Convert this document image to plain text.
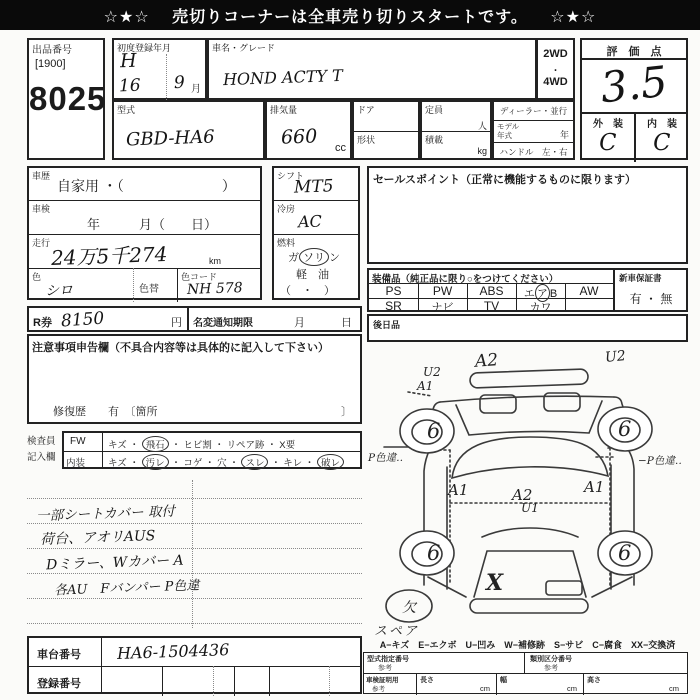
☆★☆　 売切りコーナーは全車売り切りスタートです。 　☆★☆
出品番号
[1900]
8025
初度登録年月
H
16 9 月
車名・グレード
HOND ACTY T
2WD
・
4WD
型式
GBD-HA6
排気量
660 cc
ドア
形状
定員
人
積載
kg
ディーラー・並行
モデル
年式	年
ハンドル　左・右
評　価　点
3.5
外　装	内　装
C	C
車歴
自家用 ・（　　　　　　　）
車検
年　　　月（　　日）
走行 24万5千274	km
色
シロ	色替
色コード
NH 578
シフト
MT5
冷房
AC
燃料
ガ ソリ ン
軽　油
（　・　）
R券 8150	円 名変通知期限	月	日
注意事項申告欄（不具合内容等は具体的に記入して下さい）
修復歴　　有　〔箇所	〕
検査員
記入欄
FW キズ ・ 飛石 ・ ヒビ割 ・ リペア跡 ・ X要
内装 キズ ・ 汚レ ・ コゲ ・ 穴 ・ スレ ・ キレ ・ 破レ
一部シートカバー 取付
荷台、アオリAUS
Dミラー、Wカバー A
各AU　Fバンパー P色違
車台番号 HA6-1504436
登録番号
セールスポイント（正常に機能するものに限ります）
装備品（純正品に限り○をつけてください）	新車保証書
有 ・ 無
PS	PW	ABS	エ ア B	AW
SR	ナビ	TV	カワ
後日品
A2	U2
U2
A1
6	6
6	6
P色違‥	−P色違‥
A1	A2
U1
A1
X
欠
スペア
A−キズ　E−エクボ　U−凹み　W−補修跡　S−サビ　C−腐食　XX−交換済
型式指定番号
参考
類別区分番号
参考
車検証明用
参考
長さ
cm
幅
cm
高さ
cm
